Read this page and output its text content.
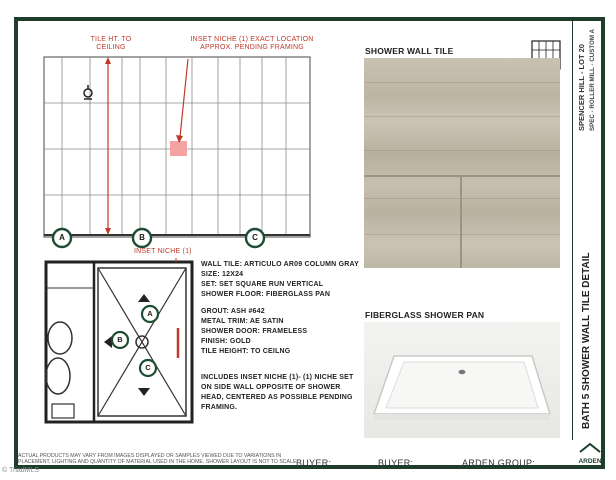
TILE HT. TO CEILING
INSET NICHE (1) EXACT LOCATION APPROX. PENDING FRAMING
A	B	C
INSET NICHE (1)
A
B
C
WALL TILE: ARTICULO AR09 COLUMN GRAY
SIZE: 12X24
SET: SET SQUARE RUN VERTICAL
SHOWER FLOOR: FIBERGLASS PAN
GROUT: ASH #642
METAL TRIM: AE SATIN
SHOWER DOOR: FRAMELESS
FINISH: GOLD
TILE HEIGHT: TO CEILNG
INCLUDES INSET NICHE (1)- (1) NICHE SET
ON SIDE WALL OPPOSITE OF SHOWER
HEAD, CENTERED AS POSSIBLE PENDING
FRAMING.
SHOWER WALL TILE
FIBERGLASS SHOWER PAN
SPENCER HILL - LOT 20 SPEC - ROLLER MILL - CUSTOM A
BATH 5 SHOWER WALL TILE DETAIL
ARDEN
HOMES
ACTUAL PRODUCTS MAY VARY FROM IMAGES DISPLAYED OR SAMPLES VIEWED DUE TO VARIATIONS IN PLACEMENT, LIGHTING AND QUANTITY OF MATERIAL USED IN THE HOME. SHOWER LAYOUT IS NOT TO SCALE.
BUYER:_________
BUYER:_________ ARDEN GROUP:_________
© TriadMLS
